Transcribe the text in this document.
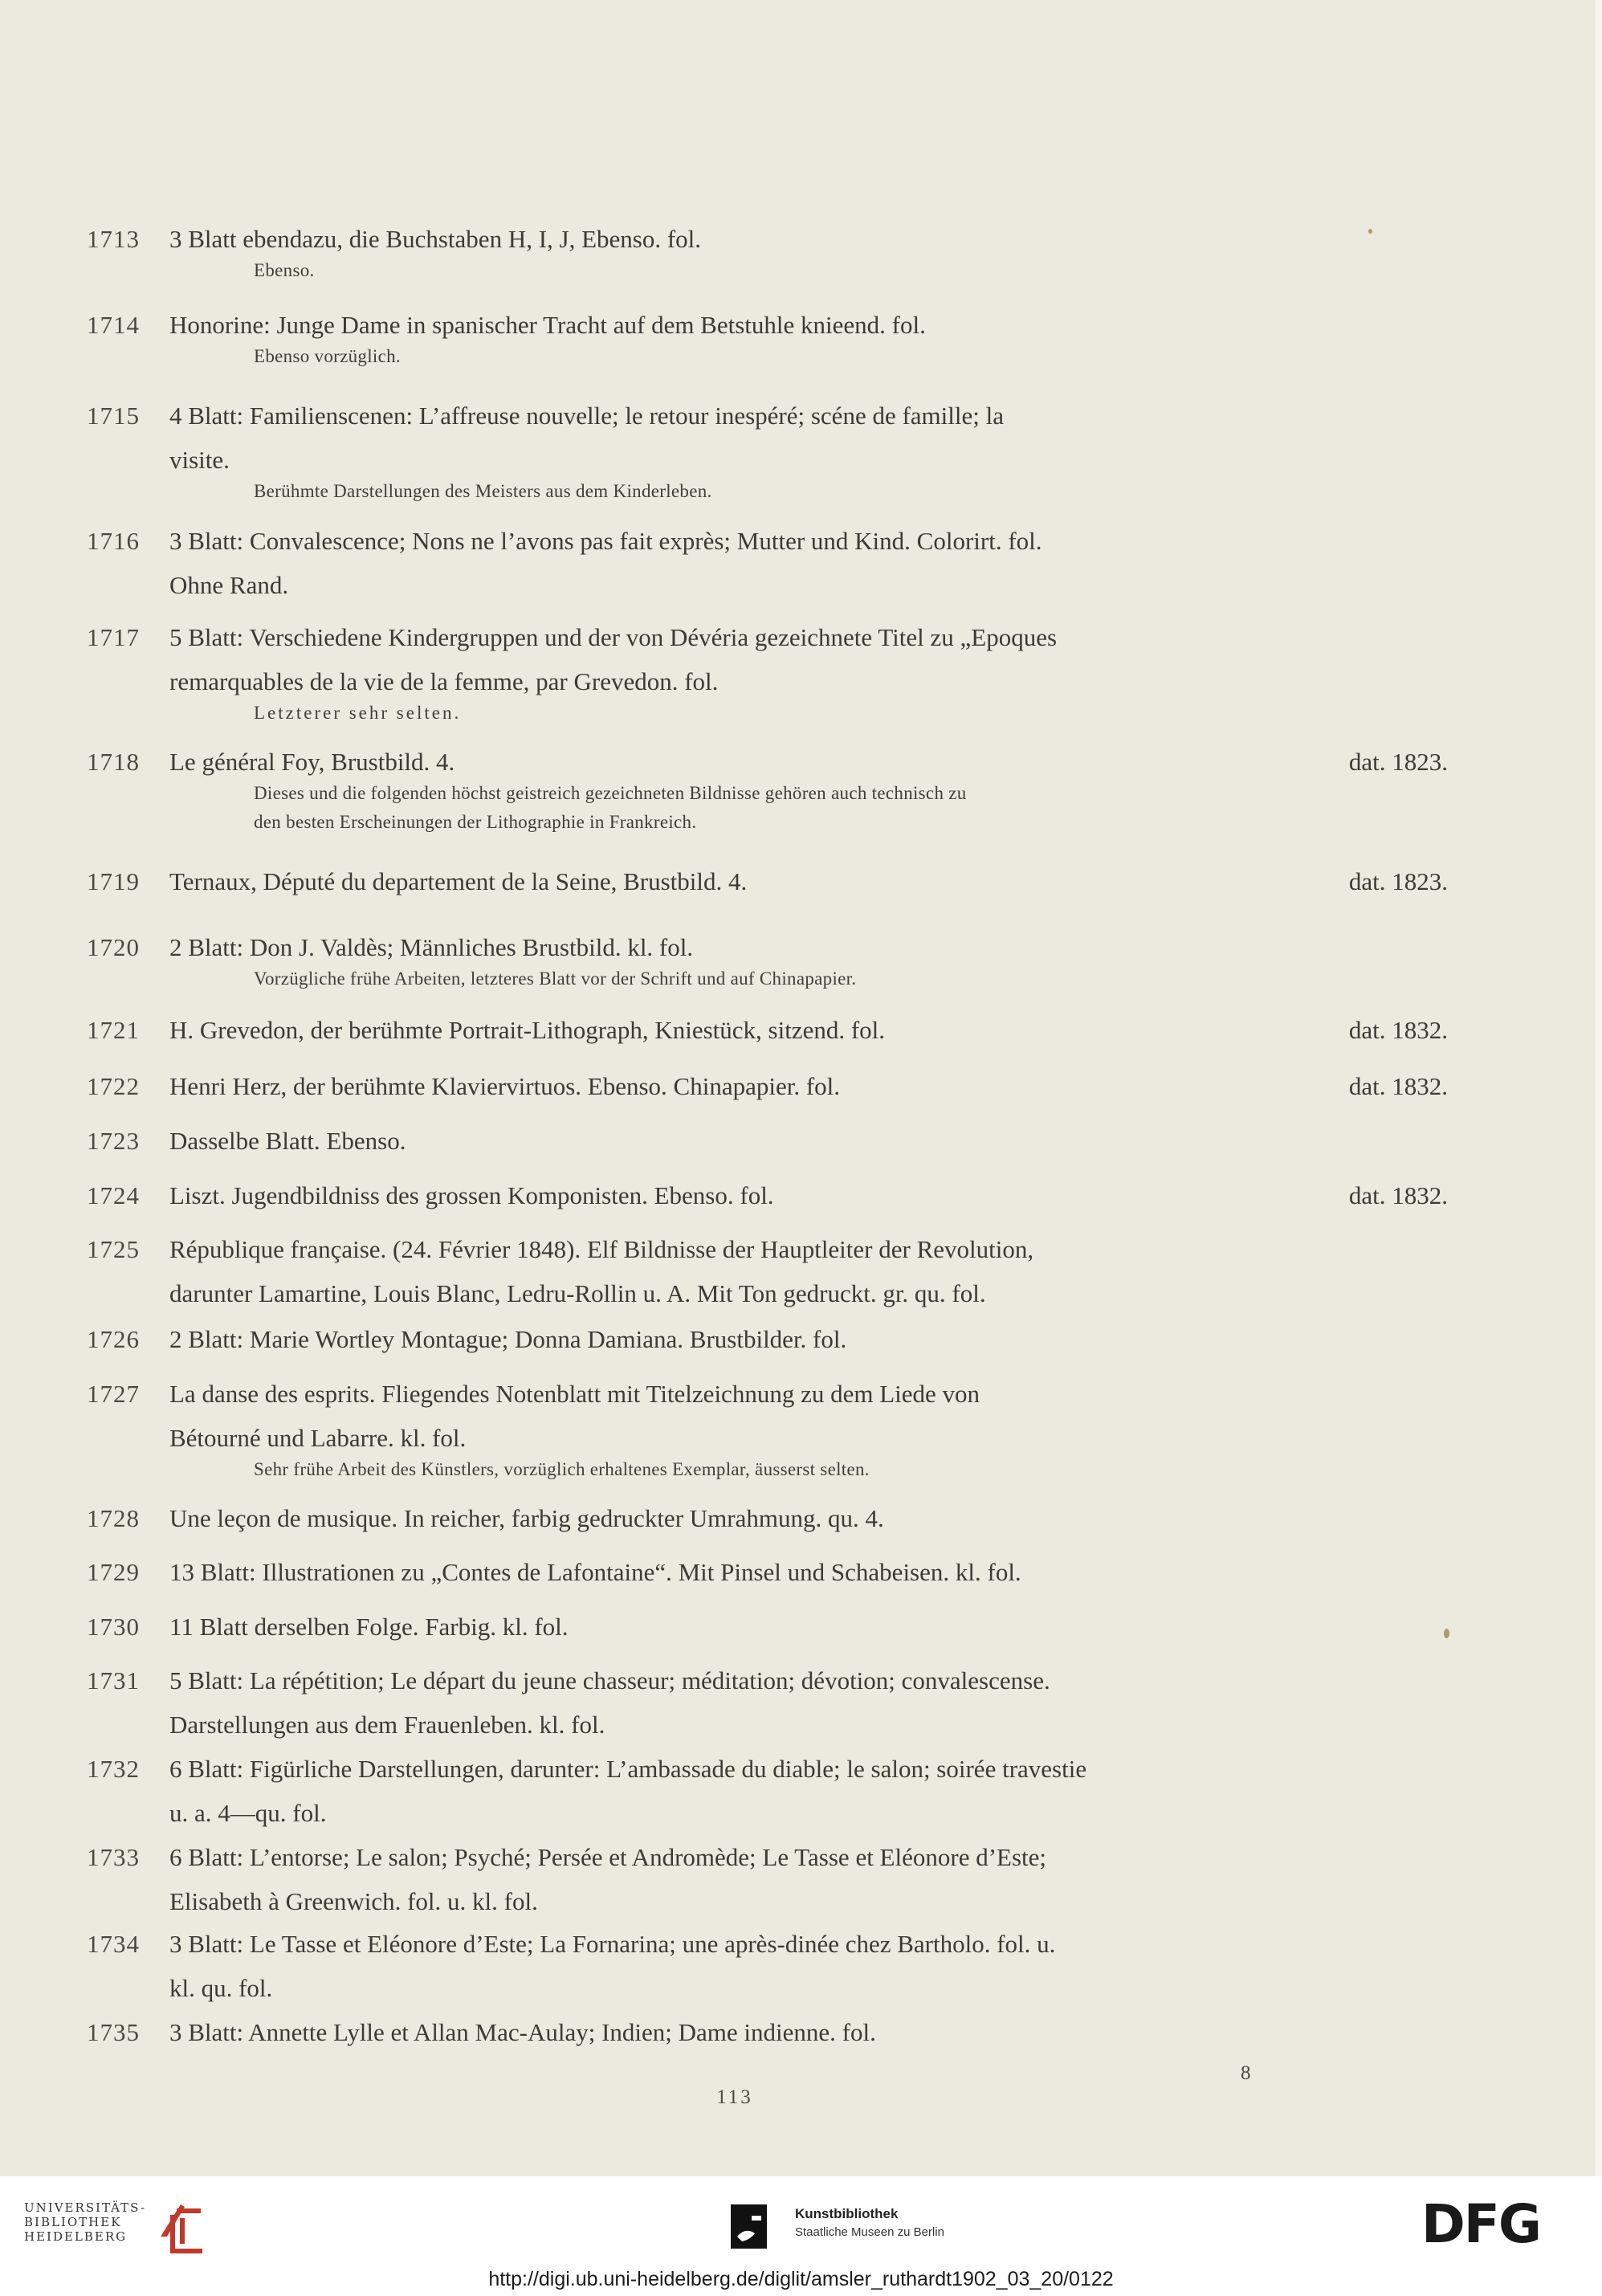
1713	3 Blatt ebendazu, die Buchstaben H, I, J, Ebenso. fol.
Ebenso.
1714	Honorine: Junge Dame in spanischer Tracht auf dem Betstuhle knieend. fol.
Ebenso vorzüglich.
1715	4 Blatt: Familienscenen: L’affreuse nouvelle; le retour inespéré; scéne de famille; la
visite.
Berühmte Darstellungen des Meisters aus dem Kinderleben.
1716	3 Blatt: Convalescence; Nons ne l’avons pas fait exprès; Mutter und Kind. Colorirt. fol.
Ohne Rand.
1717	5 Blatt: Verschiedene Kindergruppen und der von Dévéria gezeichnete Titel zu „Epoques
remarquables de la vie de la femme, par Grevedon. fol.
Letzterer sehr selten.
1718	Le général Foy, Brustbild. 4.	dat. 1823.
Dieses und die folgenden höchst geistreich gezeichneten Bildnisse gehören auch technisch zu
den besten Erscheinungen der Lithographie in Frankreich.
1719	Ternaux, Député du departement de la Seine, Brustbild. 4.	dat. 1823.
1720	2 Blatt: Don J. Valdès; Männliches Brustbild. kl. fol.
Vorzügliche frühe Arbeiten, letzteres Blatt vor der Schrift und auf Chinapapier.
1721	H. Grevedon, der berühmte Portrait-Lithograph, Kniestück, sitzend. fol.	dat. 1832.
1722	Henri Herz, der berühmte Klaviervirtuos. Ebenso. Chinapapier. fol.	dat. 1832.
1723	Dasselbe Blatt. Ebenso.
1724	Liszt. Jugendbildniss des grossen Komponisten. Ebenso. fol.	dat. 1832.
1725	République française. (24. Février 1848). Elf Bildnisse der Hauptleiter der Revolution,
darunter Lamartine, Louis Blanc, Ledru-Rollin u. A. Mit Ton gedruckt. gr. qu. fol.
1726	2 Blatt: Marie Wortley Montague; Donna Damiana. Brustbilder. fol.
1727	La danse des esprits. Fliegendes Notenblatt mit Titelzeichnung zu dem Liede von
Bétourné und Labarre. kl. fol.
Sehr frühe Arbeit des Künstlers, vorzüglich erhaltenes Exemplar, äusserst selten.
1728	Une leçon de musique. In reicher, farbig gedruckter Umrahmung. qu. 4.
1729	13 Blatt: Illustrationen zu „Contes de Lafontaine“. Mit Pinsel und Schabeisen. kl. fol.
1730	11 Blatt derselben Folge. Farbig. kl. fol.
1731	5 Blatt: La répétition; Le départ du jeune chasseur; méditation; dévotion; convalescense.
Darstellungen aus dem Frauenleben. kl. fol.
1732	6 Blatt: Figürliche Darstellungen, darunter: L’ambassade du diable; le salon; soirée travestie
u. a. 4—qu. fol.
1733	6 Blatt: L’entorse; Le salon; Psyché; Persée et Andromède; Le Tasse et Eléonore d’Este;
Elisabeth à Greenwich. fol. u. kl. fol.
1734	3 Blatt: Le Tasse et Eléonore d’Este; La Fornarina; une après-dinée chez Bartholo. fol. u.
kl. qu. fol.
1735	3 Blatt: Annette Lylle et Allan Mac-Aulay; Indien; Dame indienne. fol.
113
8
UNIVERSITÄTS-
BIBLIOTHEK
HEIDELBERG
Kunstbibliothek
Staatliche Museen zu Berlin	DFG
http://digi.ub.uni-heidelberg.de/diglit/amsler_ruthardt1902_03_20/0122
